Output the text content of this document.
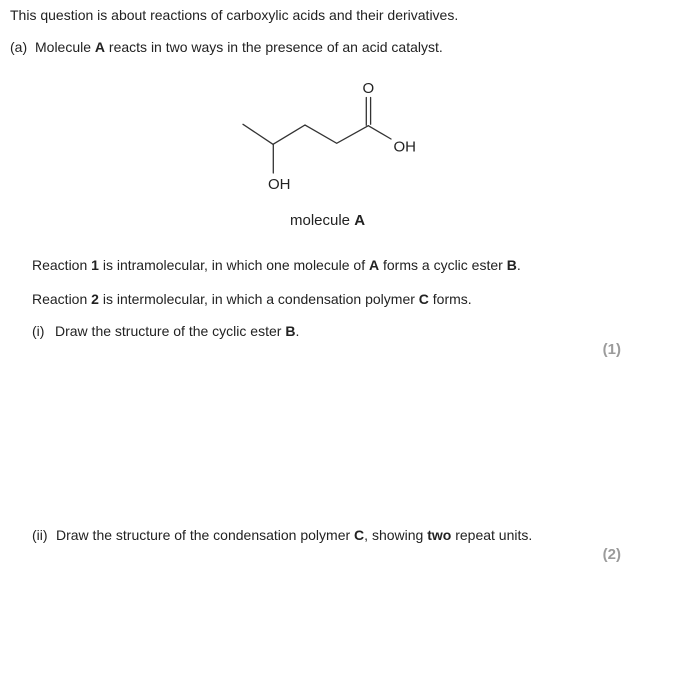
This question is about reactions of carboxylic acids and their derivatives.
(a) Molecule A reacts in two ways in the presence of an acid catalyst.
O
OH
OH
molecule A
Reaction 1 is intramolecular, in which one molecule of A forms a cyclic ester B.
Reaction 2 is intermolecular, in which a condensation polymer C forms.
(i) Draw the structure of the cyclic ester B.
(1)
(ii) Draw the structure of the condensation polymer C, showing two repeat units.
(2)
